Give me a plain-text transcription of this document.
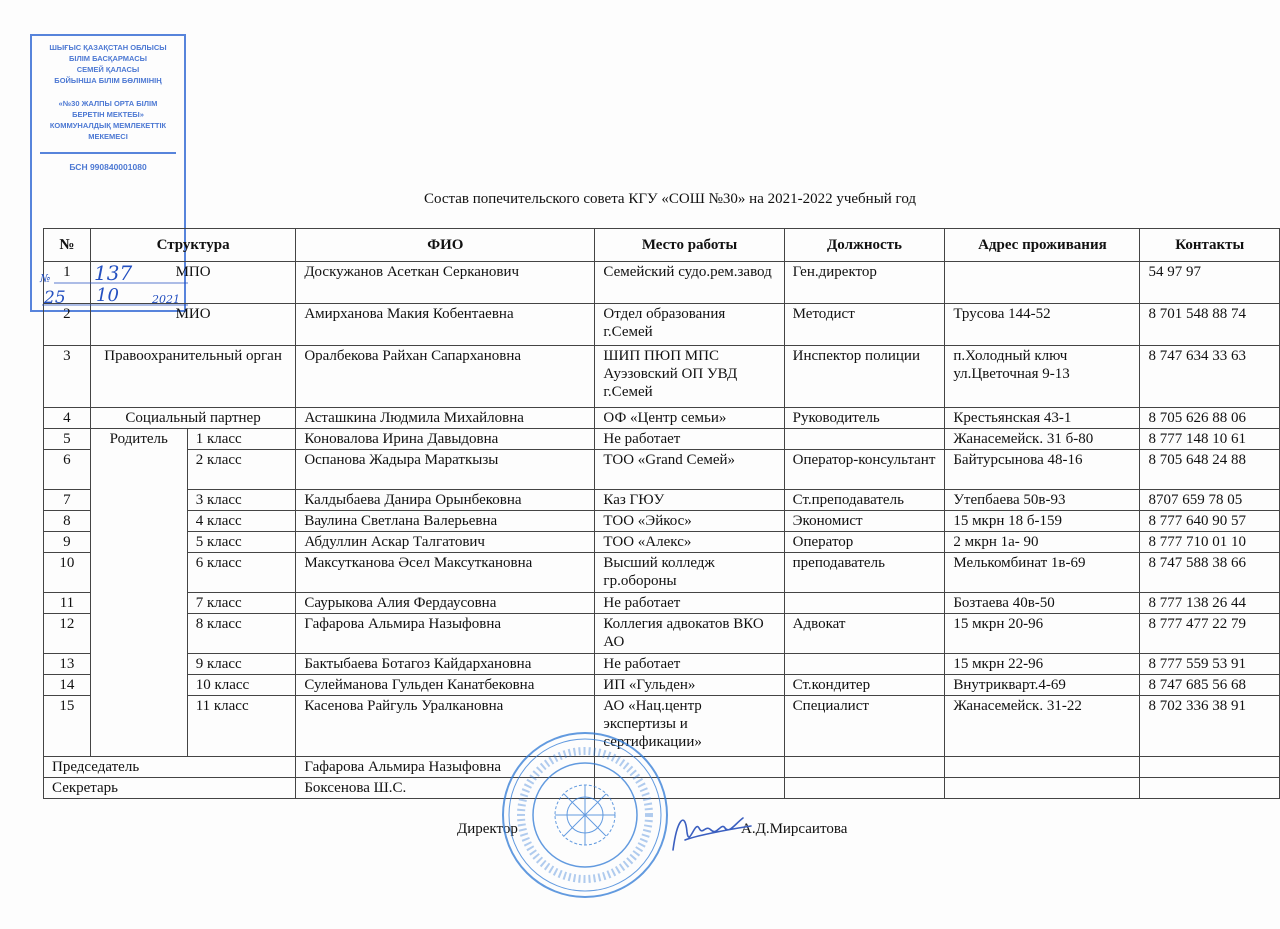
ШЫҒЫС ҚАЗАҚСТАН ОБЛЫСЫ
БІЛІМ БАСҚАРМАСЫ
СЕМЕЙ ҚАЛАСЫ
БОЙЫНША БІЛІМ БӨЛІМІНІҢ
«№30 ЖАЛПЫ ОРТА БІЛІМ
БЕРЕТІН МЕКТЕБІ»
КОММУНАЛДЫҚ МЕМЛЕКЕТТІК
МЕКЕМЕСІ
БСН 990840001080
Состав попечительского совета КГУ «СОШ №30» на 2021-2022 учебный год
№	Структура		ФИО	Место работы	Должность	Адрес проживания	Контакты
1	МПО		Доскужанов Асеткан Серканович	Семейский судо.рем.завод	Ген.директор		54 97 97
2	МИО		Амирханова Макия Кобентаевна	Отдел образования г.Семей	Методист	Трусова 144-52	8 701 548 88 74
3	Правоохранительный орган		Оралбекова Райхан Сапархановна	ШИП ПЮП МПС Ауэзовский ОП УВД г.Семей	Инспектор полиции	п.Холодный ключ ул.Цветочная 9-13	8 747 634 33 63
4	Социальный партнер		Асташкина Людмила Михайловна	ОФ «Центр семьи»	Руководитель	Крестьянская 43-1	8 705 626 88 06
5	Родитель	1 класс	Коновалова Ирина Давыдовна	Не работает		Жанасемейск. 31 б-80	8 777 148 10 61
6		2 класс	Оспанова Жадыра Мараткызы	ТОО «Grand Семей»	Оператор-консультант	Байтурсынова 48-16	8 705 648 24 88
7		3 класс	Калдыбаева Данира Орынбековна	Каз ГЮУ	Ст.преподаватель	Утепбаева 50в-93	8707 659 78 05
8		4 класс	Ваулина Светлана Валерьевна	ТОО «Эйкос»	Экономист	15 мкрн 18 б-159	8 777 640 90 57
9		5 класс	Абдуллин Аскар Талгатович	ТОО «Алекс»	Оператор	2 мкрн 1а- 90	8 777 710 01 10
10		6 класс	Максутканова Әсел Максуткановна	Высший колледж гр.обороны	преподаватель	Мелькомбинат 1в-69	8 747 588 38 66
11		7 класс	Саурыкова Алия Фердаусовна	Не работает		Бозтаева 40в-50	8 777 138 26 44
12		8 класс	Гафарова Альмира Назыфовна	Коллегия адвокатов ВКО АО	Адвокат	15 мкрн 20-96	8 777 477 22 79
13		9 класс	Бактыбаева Ботагоз Кайдархановна	Не работает		15 мкрн 22-96	8 777 559 53 91
14		10 класс	Сулейманова Гульден Канатбековна	ИП «Гульден»	Ст.кондитер	Внутрикварт.4-69	8 747 685 56 68
15		11 класс	Касенова Райгуль Уралкановна	АО «Нац.центр экспертизы и сертификации»	Специалист	Жанасемейск. 31-22	8 702 336 38 91
Председатель			Гафарова Альмира Назыфовна				
Секретарь			Боксенова Ш.С.				
№ 137
25 10	2021
Директор	А.Д.Мирсаитова
